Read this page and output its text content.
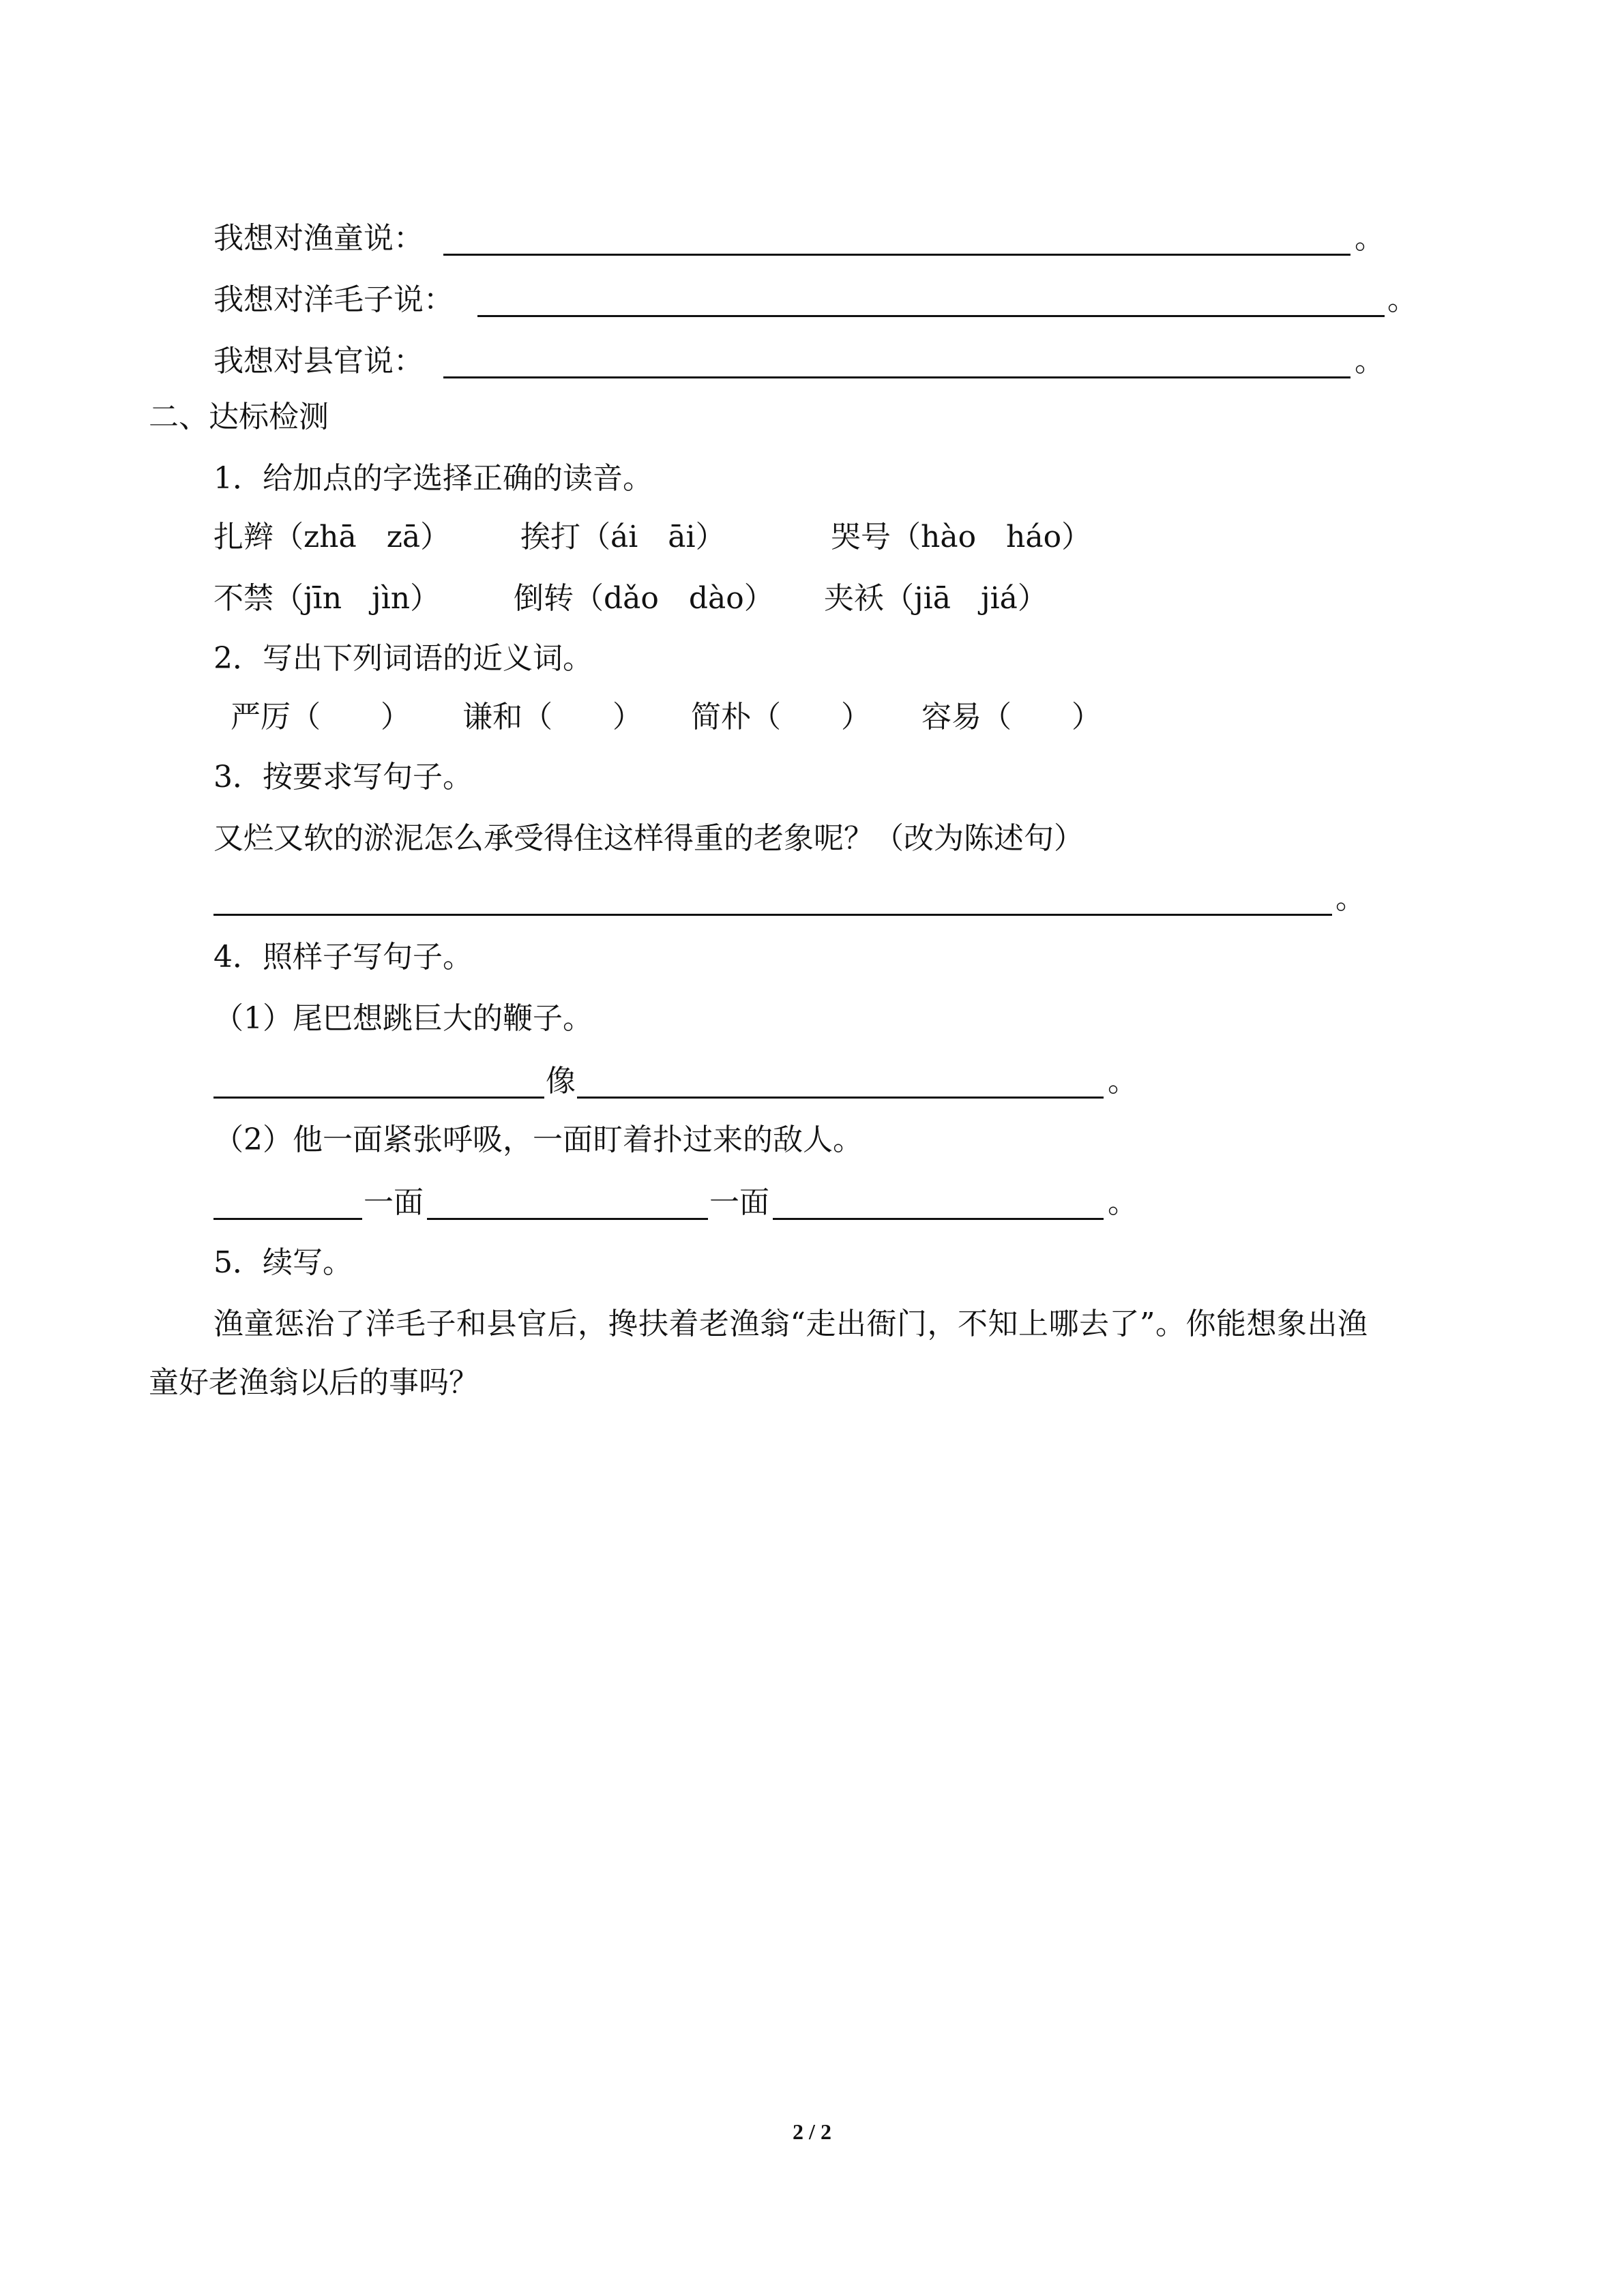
我想对渔童说：	。
我想对洋毛子说：	。
我想对县官说：	。
二、达标检测
1．给加点的字选择正确的读音。
扎辫（zhā　zā） 挨打（ái　āi）	哭号（hào　háo）
不禁（jīn　jìn） 倒转（dǎo　dào） 夹袄（jiā　jiá）
2．写出下列词语的近义词。
严厉（　　） 谦和（　　） 简朴（　　） 容易（　　）
3．按要求写句子。
又烂又软的淤泥怎么承受得住这样得重的老象呢？（改为陈述句）
。
4．照样子写句子。
（1）尾巴想跳巨大的鞭子。
像	。
（2）他一面紧张呼吸，一面盯着扑过来的敌人。
一面	一面	。
5．续写。
渔童惩治了洋毛子和县官后，搀扶着老渔翁“走出衙门，不知上哪去了”。你能想象出渔
童好老渔翁以后的事吗？
2 / 2
